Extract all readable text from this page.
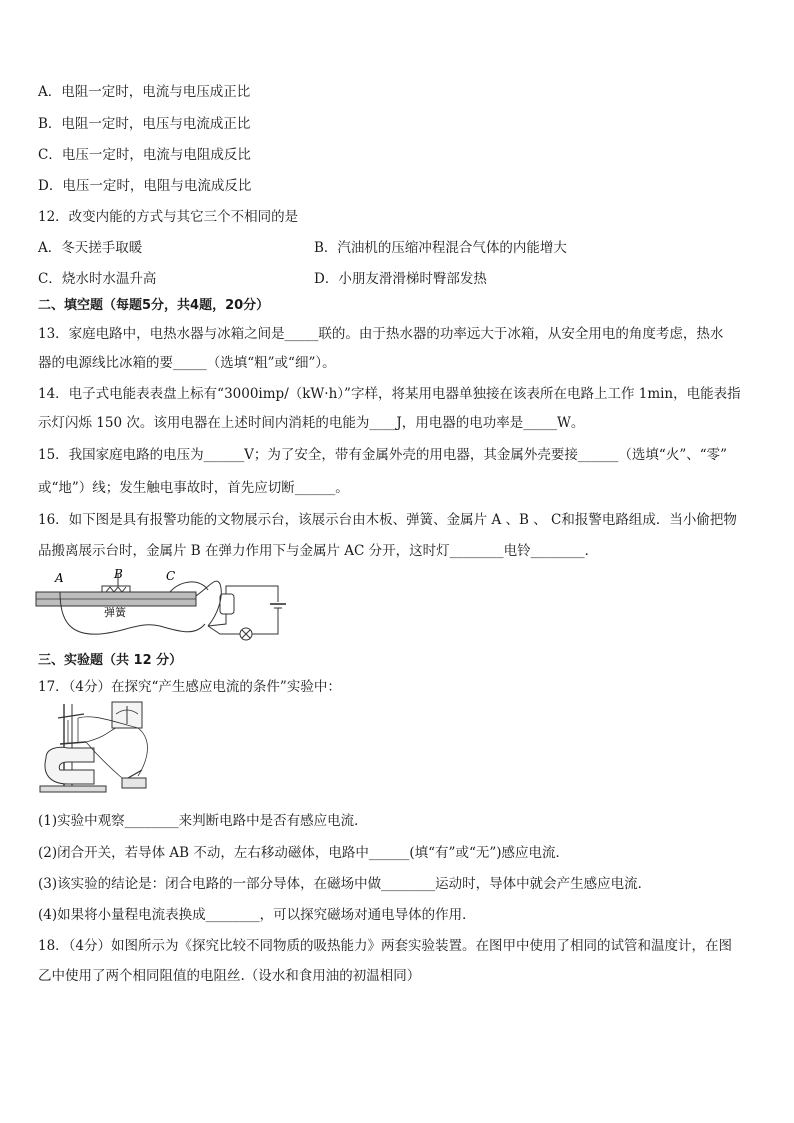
A．电阻一定时，电流与电压成正比
B．电阻一定时，电压与电流成正比
C．电压一定时，电流与电阻成反比
D．电压一定时，电阻与电流成反比
12．改变内能的方式与其它三个不相同的是
A．冬天搓手取暖	B．汽油机的压缩冲程混合气体的内能增大
C．烧水时水温升高	D．小朋友滑滑梯时臀部发热
二、填空题（每题5分，共4题，20分）
13．家庭电路中，电热水器与冰箱之间是_____联的。由于热水器的功率远大于冰箱，从安全用电的角度考虑，热水
器的电源线比冰箱的要_____（选填“粗”或“细”）。
14．电子式电能表表盘上标有“3000imp/（kW·h）”字样，将某用电器单独接在该表所在电路上工作 1min，电能表指
示灯闪烁 150 次。该用电器在上述时间内消耗的电能为____J，用电器的电功率是_____W。
15．我国家庭电路的电压为______V；为了安全，带有金属外壳的用电器，其金属外壳要接______（选填“火”、“零”
或“地”）线；发生触电事故时，首先应切断______。
16．如下图是具有报警功能的文物展示台，该展示台由木板、弹簧、金属片 A 、B 、 C和报警电路组成．当小偷把物
品搬离展示台时，金属片 B 在弹力作用下与金属片 AC 分开，这时灯________电铃________．
A	B	C
弹簧
三、实验题（共 12 分）
17．（4分）在探究“产生感应电流的条件”实验中：
(1)实验中观察________来判断电路中是否有感应电流．
(2)闭合开关，若导体 AB 不动，左右移动磁体，电路中______(填“有”或“无”)感应电流．
(3)该实验的结论是：闭合电路的一部分导体，在磁场中做________运动时，导体中就会产生感应电流．
(4)如果将小量程电流表换成________，可以探究磁场对通电导体的作用．
18．（4分）如图所示为《探究比较不同物质的吸热能力》两套实验装置。在图甲中使用了相同的试管和温度计，在图
乙中使用了两个相同阻值的电阻丝.（设水和食用油的初温相同）
